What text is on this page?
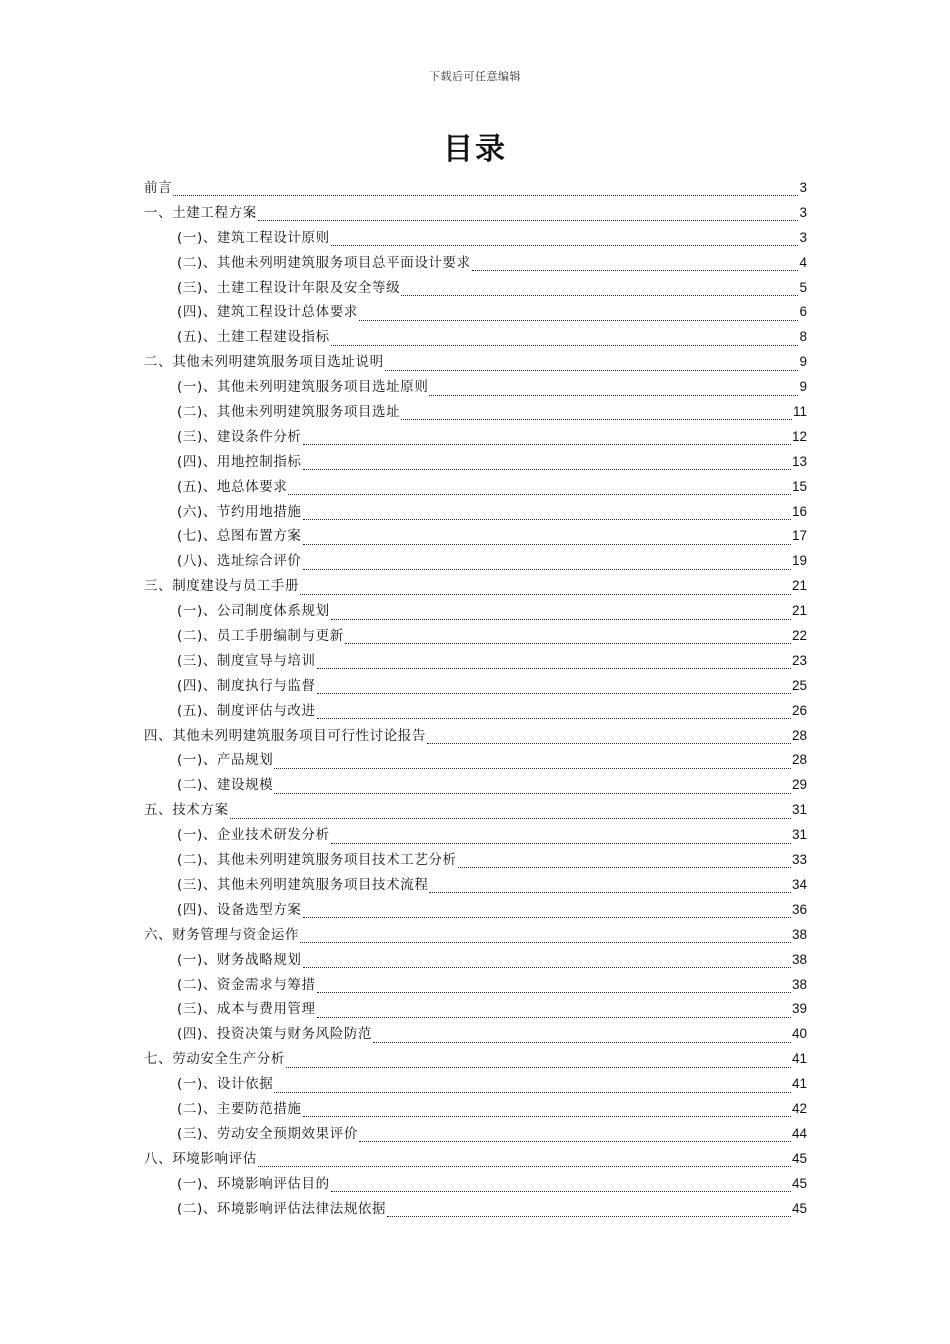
下载后可任意编辑
目录
前言	3
一、土建工程方案	3
(一)、建筑工程设计原则	3
(二)、其他未列明建筑服务项目总平面设计要求	4
(三)、土建工程设计年限及安全等级	5
(四)、建筑工程设计总体要求	6
(五)、土建工程建设指标	8
二、其他未列明建筑服务项目选址说明	9
(一)、其他未列明建筑服务项目选址原则	9
(二)、其他未列明建筑服务项目选址	11
(三)、建设条件分析	12
(四)、用地控制指标	13
(五)、地总体要求	15
(六)、节约用地措施	16
(七)、总图布置方案	17
(八)、选址综合评价	19
三、制度建设与员工手册	21
(一)、公司制度体系规划	21
(二)、员工手册编制与更新	22
(三)、制度宣导与培训	23
(四)、制度执行与监督	25
(五)、制度评估与改进	26
四、其他未列明建筑服务项目可行性讨论报告	28
(一)、产品规划	28
(二)、建设规模	29
五、技术方案	31
(一)、企业技术研发分析	31
(二)、其他未列明建筑服务项目技术工艺分析	33
(三)、其他未列明建筑服务项目技术流程	34
(四)、设备选型方案	36
六、财务管理与资金运作	38
(一)、财务战略规划	38
(二)、资金需求与筹措	38
(三)、成本与费用管理	39
(四)、投资决策与财务风险防范	40
七、劳动安全生产分析	41
(一)、设计依据	41
(二)、主要防范措施	42
(三)、劳动安全预期效果评价	44
八、环境影响评估	45
(一)、环境影响评估目的	45
(二)、环境影响评估法律法规依据	45
